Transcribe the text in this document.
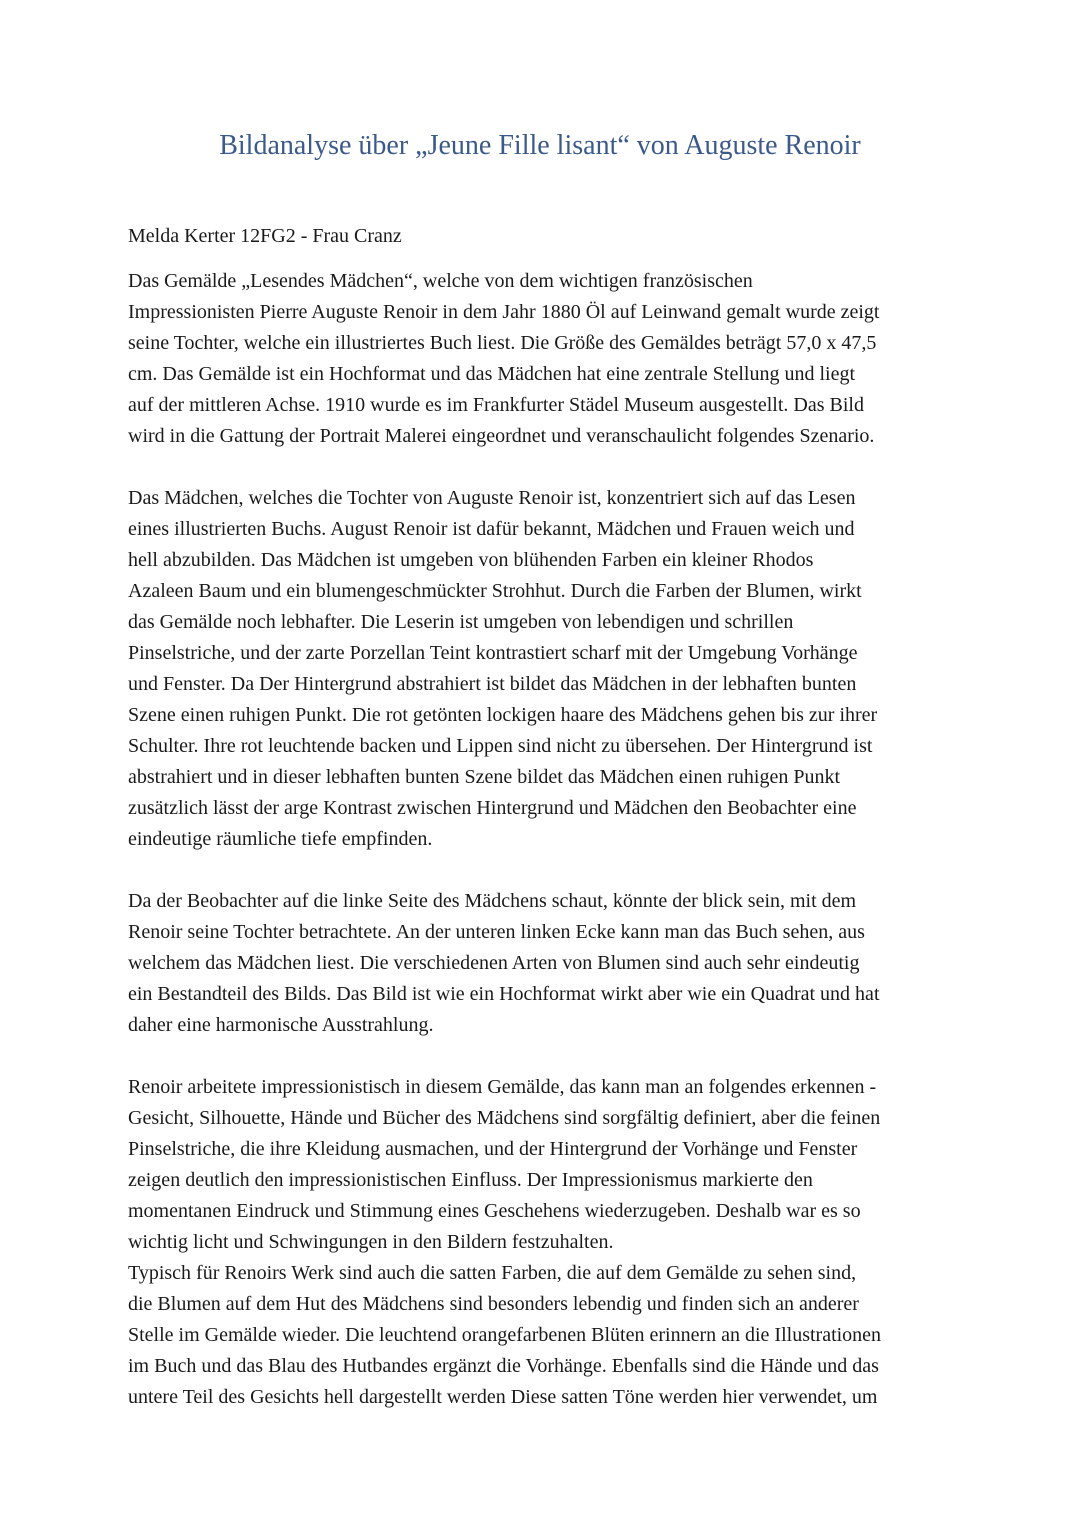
Bildanalyse über „Jeune Fille lisant“ von Auguste Renoir

Melda Kerter 12FG2 - Frau Cranz

Das Gemälde „Lesendes Mädchen“, welche von dem wichtigen französischen
Impressionisten Pierre Auguste Renoir in dem Jahr 1880 Öl auf Leinwand gemalt wurde zeigt
seine Tochter, welche ein illustriertes Buch liest. Die Größe des Gemäldes beträgt 57,0 x 47,5
cm. Das Gemälde ist ein Hochformat und das Mädchen hat eine zentrale Stellung und liegt
auf der mittleren Achse. 1910 wurde es im Frankfurter Städel Museum ausgestellt. Das Bild
wird in die Gattung der Portrait Malerei eingeordnet und veranschaulicht folgendes Szenario.

Das Mädchen, welches die Tochter von Auguste Renoir ist, konzentriert sich auf das Lesen
eines illustrierten Buchs. August Renoir ist dafür bekannt, Mädchen und Frauen weich und
hell abzubilden. Das Mädchen ist umgeben von blühenden Farben ein kleiner Rhodos
Azaleen Baum und ein blumengeschmückter Strohhut. Durch die Farben der Blumen, wirkt
das Gemälde noch lebhafter. Die Leserin ist umgeben von lebendigen und schrillen
Pinselstriche, und der zarte Porzellan Teint kontrastiert scharf mit der Umgebung Vorhänge
und Fenster. Da Der Hintergrund abstrahiert ist bildet das Mädchen in der lebhaften bunten
Szene einen ruhigen Punkt. Die rot getönten lockigen haare des Mädchens gehen bis zur ihrer
Schulter. Ihre rot leuchtende backen und Lippen sind nicht zu übersehen. Der Hintergrund ist
abstrahiert und in dieser lebhaften bunten Szene bildet das Mädchen einen ruhigen Punkt
zusätzlich lässt der arge Kontrast zwischen Hintergrund und Mädchen den Beobachter eine
eindeutige räumliche tiefe empfinden.

Da der Beobachter auf die linke Seite des Mädchens schaut, könnte der blick sein, mit dem
Renoir seine Tochter betrachtete. An der unteren linken Ecke kann man das Buch sehen, aus
welchem das Mädchen liest. Die verschiedenen Arten von Blumen sind auch sehr eindeutig
ein Bestandteil des Bilds. Das Bild ist wie ein Hochformat wirkt aber wie ein Quadrat und hat
daher eine harmonische Ausstrahlung.

Renoir arbeitete impressionistisch in diesem Gemälde, das kann man an folgendes erkennen -
Gesicht, Silhouette, Hände und Bücher des Mädchens sind sorgfältig definiert, aber die feinen
Pinselstriche, die ihre Kleidung ausmachen, und der Hintergrund der Vorhänge und Fenster
zeigen deutlich den impressionistischen Einfluss. Der Impressionismus markierte den
momentanen Eindruck und Stimmung eines Geschehens wiederzugeben. Deshalb war es so
wichtig licht und Schwingungen in den Bildern festzuhalten.
Typisch für Renoirs Werk sind auch die satten Farben, die auf dem Gemälde zu sehen sind,
die Blumen auf dem Hut des Mädchens sind besonders lebendig und finden sich an anderer
Stelle im Gemälde wieder. Die leuchtend orangefarbenen Blüten erinnern an die Illustrationen
im Buch und das Blau des Hutbandes ergänzt die Vorhänge. Ebenfalls sind die Hände und das
untere Teil des Gesichts hell dargestellt werden Diese satten Töne werden hier verwendet, um
